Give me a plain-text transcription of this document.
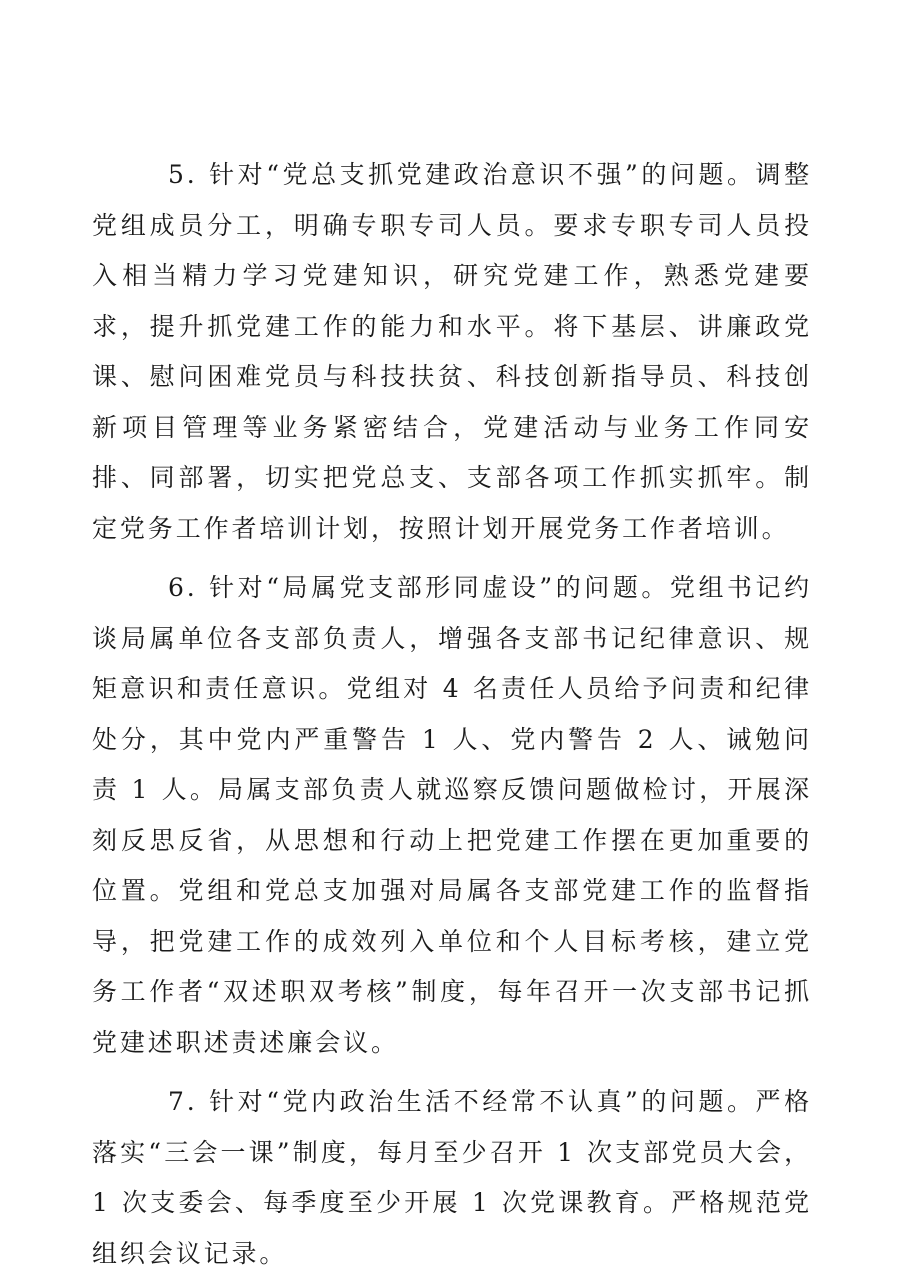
5. 针对“党总支抓党建政治意识不强”的问题。调整党组成员分工，明确专职专司人员。要求专职专司人员投入相当精力学习党建知识，研究党建工作，熟悉党建要求，提升抓党建工作的能力和水平。将下基层、讲廉政党课、慰问困难党员与科技扶贫、科技创新指导员、科技创新项目管理等业务紧密结合，党建活动与业务工作同安排、同部署，切实把党总支、支部各项工作抓实抓牢。制定党务工作者培训计划，按照计划开展党务工作者培训。

6. 针对“局属党支部形同虚设”的问题。党组书记约谈局属单位各支部负责人，增强各支部书记纪律意识、规矩意识和责任意识。党组对 4 名责任人员给予问责和纪律处分，其中党内严重警告 1 人、党内警告 2 人、诫勉问责 1 人。局属支部负责人就巡察反馈问题做检讨，开展深刻反思反省，从思想和行动上把党建工作摆在更加重要的位置。党组和党总支加强对局属各支部党建工作的监督指导，把党建工作的成效列入单位和个人目标考核，建立党务工作者“双述职双考核”制度，每年召开一次支部书记抓党建述职述责述廉会议。

7. 针对“党内政治生活不经常不认真”的问题。严格落实“三会一课”制度，每月至少召开 1 次支部党员大会，1 次支委会、每季度至少开展 1 次党课教育。严格规范党组织会议记录。
